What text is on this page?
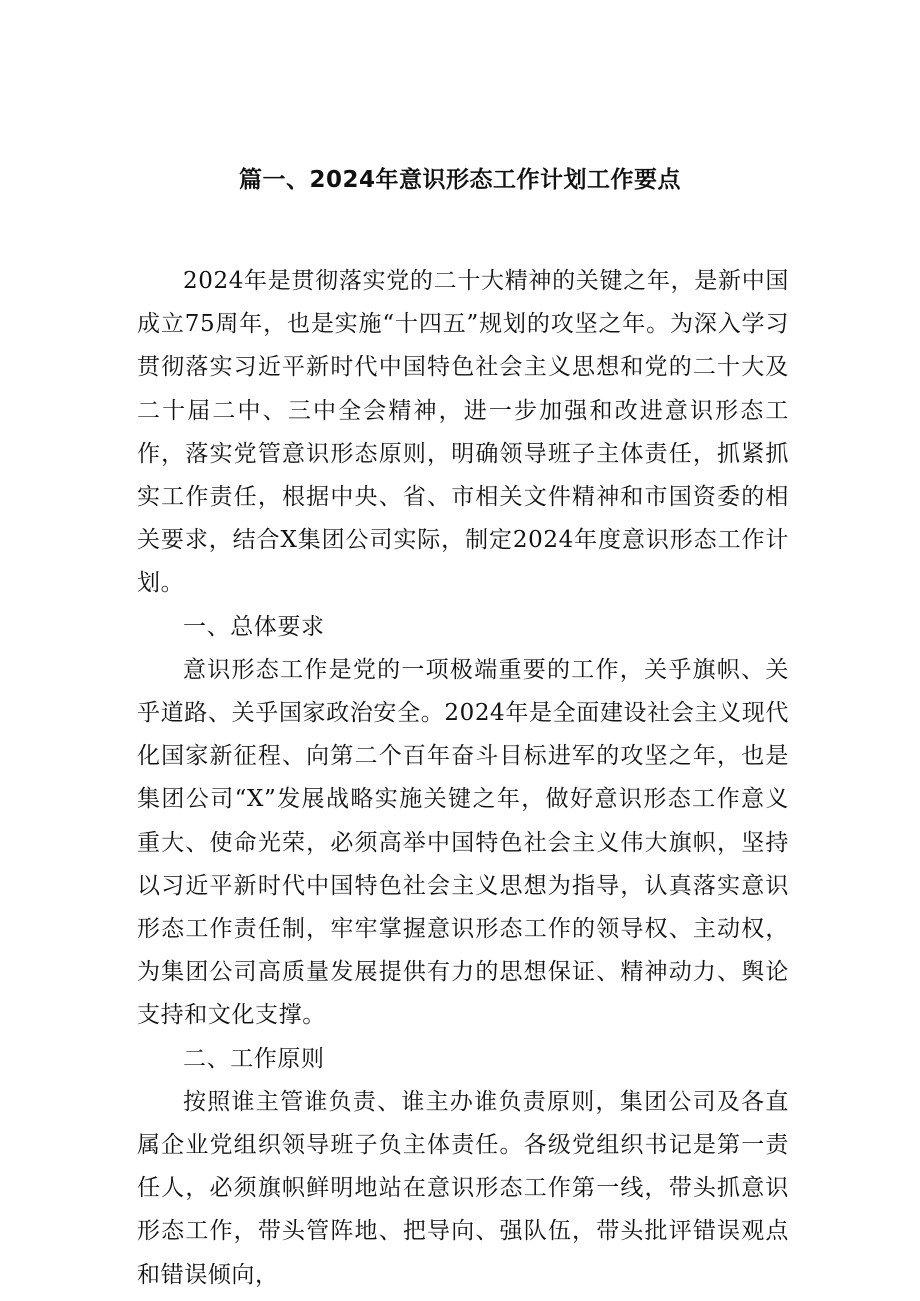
篇一、2024年意识形态工作计划工作要点

2024年是贯彻落实党的二十大精神的关键之年，是新中国成立75周年，也是实施“十四五”规划的攻坚之年。为深入学习贯彻落实习近平新时代中国特色社会主义思想和党的二十大及二十届二中、三中全会精神，进一步加强和改进意识形态工作，落实党管意识形态原则，明确领导班子主体责任，抓紧抓实工作责任，根据中央、省、市相关文件精神和市国资委的相关要求，结合X集团公司实际，制定2024年度意识形态工作计划。

一、总体要求

意识形态工作是党的一项极端重要的工作，关乎旗帜、关乎道路、关乎国家政治安全。2024年是全面建设社会主义现代化国家新征程、向第二个百年奋斗目标进军的攻坚之年，也是集团公司“X”发展战略实施关键之年，做好意识形态工作意义重大、使命光荣，必须高举中国特色社会主义伟大旗帜，坚持以习近平新时代中国特色社会主义思想为指导，认真落实意识形态工作责任制，牢牢掌握意识形态工作的领导权、主动权，为集团公司高质量发展提供有力的思想保证、精神动力、舆论支持和文化支撑。

二、工作原则

按照谁主管谁负责、谁主办谁负责原则，集团公司及各直属企业党组织领导班子负主体责任。各级党组织书记是第一责任人，必须旗帜鲜明地站在意识形态工作第一线，带头抓意识形态工作，带头管阵地、把导向、强队伍，带头批评错误观点和错误倾向，
